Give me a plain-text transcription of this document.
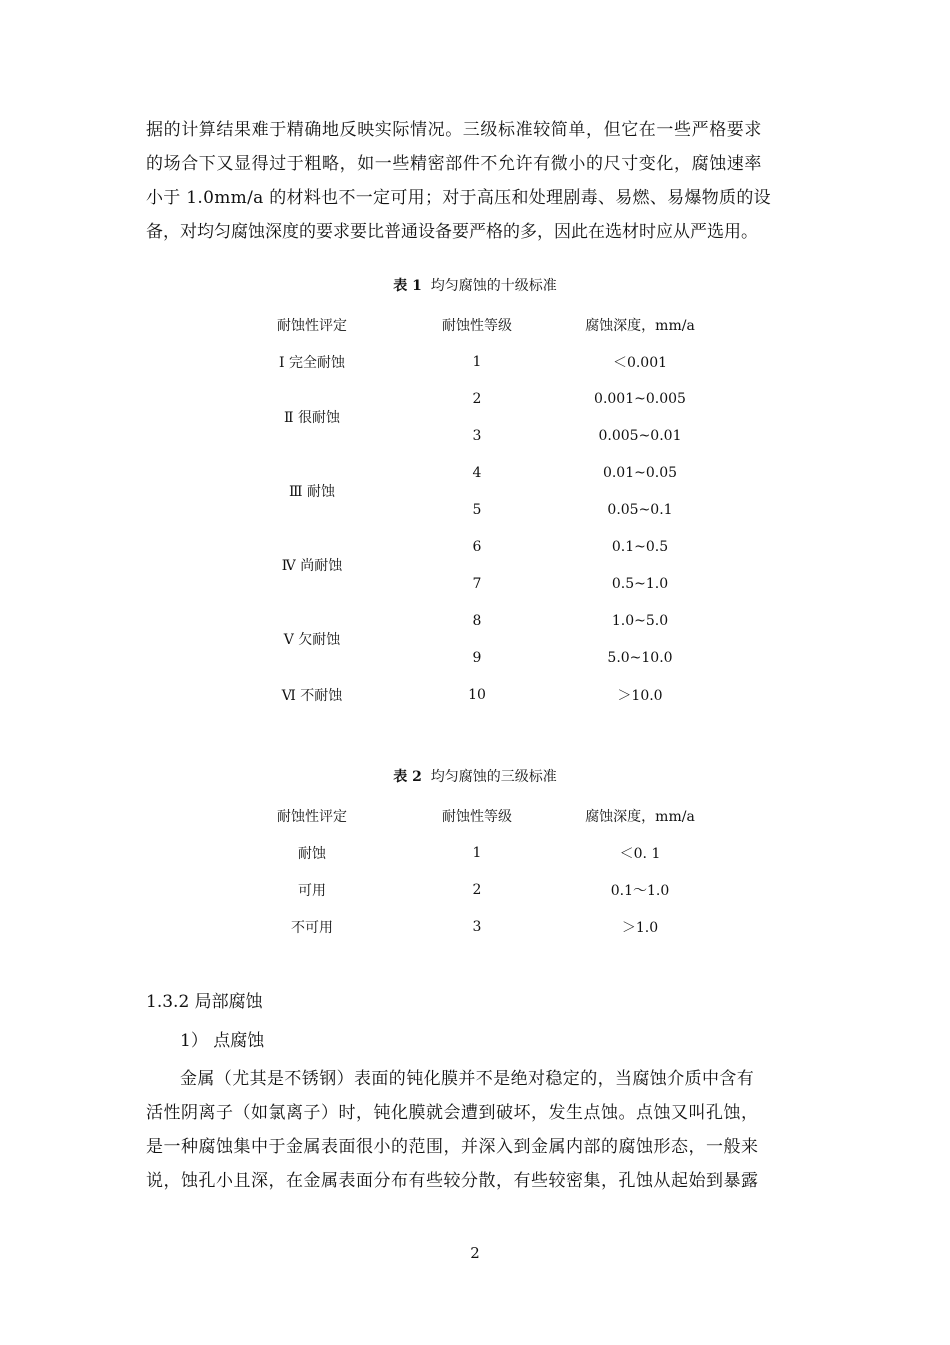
据的计算结果难于精确地反映实际情况。三级标准较简单，但它在一些严格要求
的场合下又显得过于粗略，如一些精密部件不允许有微小的尺寸变化，腐蚀速率
小于 1.0mm/a 的材料也不一定可用；对于高压和处理剧毒、易燃、易爆物质的设
备，对均匀腐蚀深度的要求要比普通设备要严格的多，因此在选材时应从严选用。
表 1 均匀腐蚀的十级标准
耐蚀性评定	耐蚀性等级	腐蚀深度，mm/a
Ⅰ 完全耐蚀	1	＜0.001
Ⅱ 很耐蚀	2	0.001~0.005
	3	0.005~0.01
Ⅲ 耐蚀	4	0.01~0.05
	5	0.05~0.1
Ⅳ 尚耐蚀	6	0.1~0.5
	7	0.5~1.0
Ⅴ 欠耐蚀	8	1.0~5.0
	9	5.0~10.0
Ⅵ 不耐蚀	10	＞10.0
表 2 均匀腐蚀的三级标准
耐蚀性评定	耐蚀性等级	腐蚀深度，mm/a
耐蚀	1	＜0. 1
可用	2	0.1～1.0
不可用	3	＞1.0
1.3.2 局部腐蚀
1） 点腐蚀
金属（尤其是不锈钢）表面的钝化膜并不是绝对稳定的，当腐蚀介质中含有
活性阴离子（如氯离子）时，钝化膜就会遭到破坏，发生点蚀。点蚀又叫孔蚀，
是一种腐蚀集中于金属表面很小的范围，并深入到金属内部的腐蚀形态，一般来
说，蚀孔小且深，在金属表面分布有些较分散，有些较密集，孔蚀从起始到暴露
2
